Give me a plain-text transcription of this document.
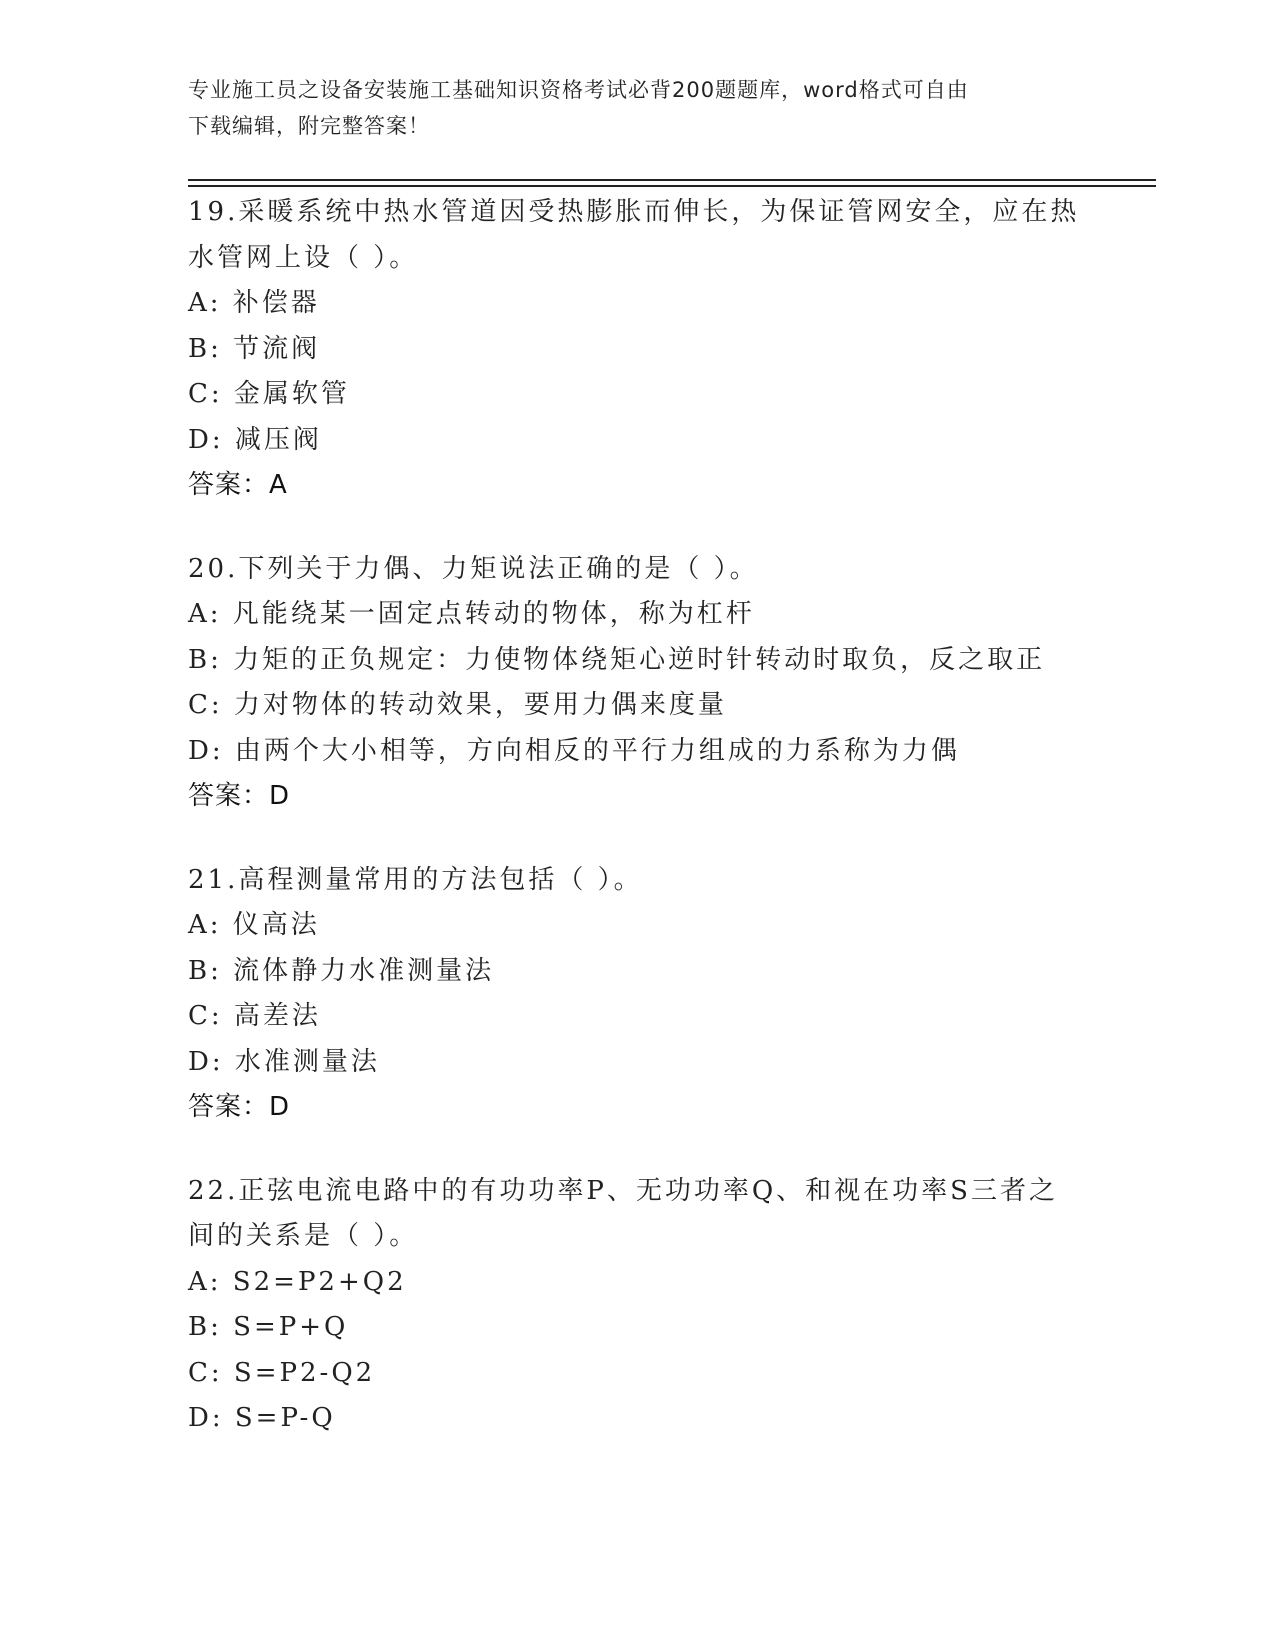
专业施工员之设备安装施工基础知识资格考试必背200题题库，word格式可自由
下载编辑，附完整答案！
19.采暖系统中热水管道因受热膨胀而伸长，为保证管网安全，应在热
水管网上设（ ）。
A: 补偿器
B: 节流阀
C: 金属软管
D: 减压阀
答案：A
20.下列关于力偶、力矩说法正确的是（ ）。
A: 凡能绕某一固定点转动的物体，称为杠杆
B: 力矩的正负规定：力使物体绕矩心逆时针转动时取负，反之取正
C: 力对物体的转动效果，要用力偶来度量
D: 由两个大小相等，方向相反的平行力组成的力系称为力偶
答案：D
21.高程测量常用的方法包括（ ）。
A: 仪高法
B: 流体静力水准测量法
C: 高差法
D: 水准测量法
答案：D
22.正弦电流电路中的有功功率P、无功功率Q、和视在功率S三者之
间的关系是（ ）。
A: S2=P2+Q2
B: S=P+Q
C: S=P2-Q2
D: S=P-Q
